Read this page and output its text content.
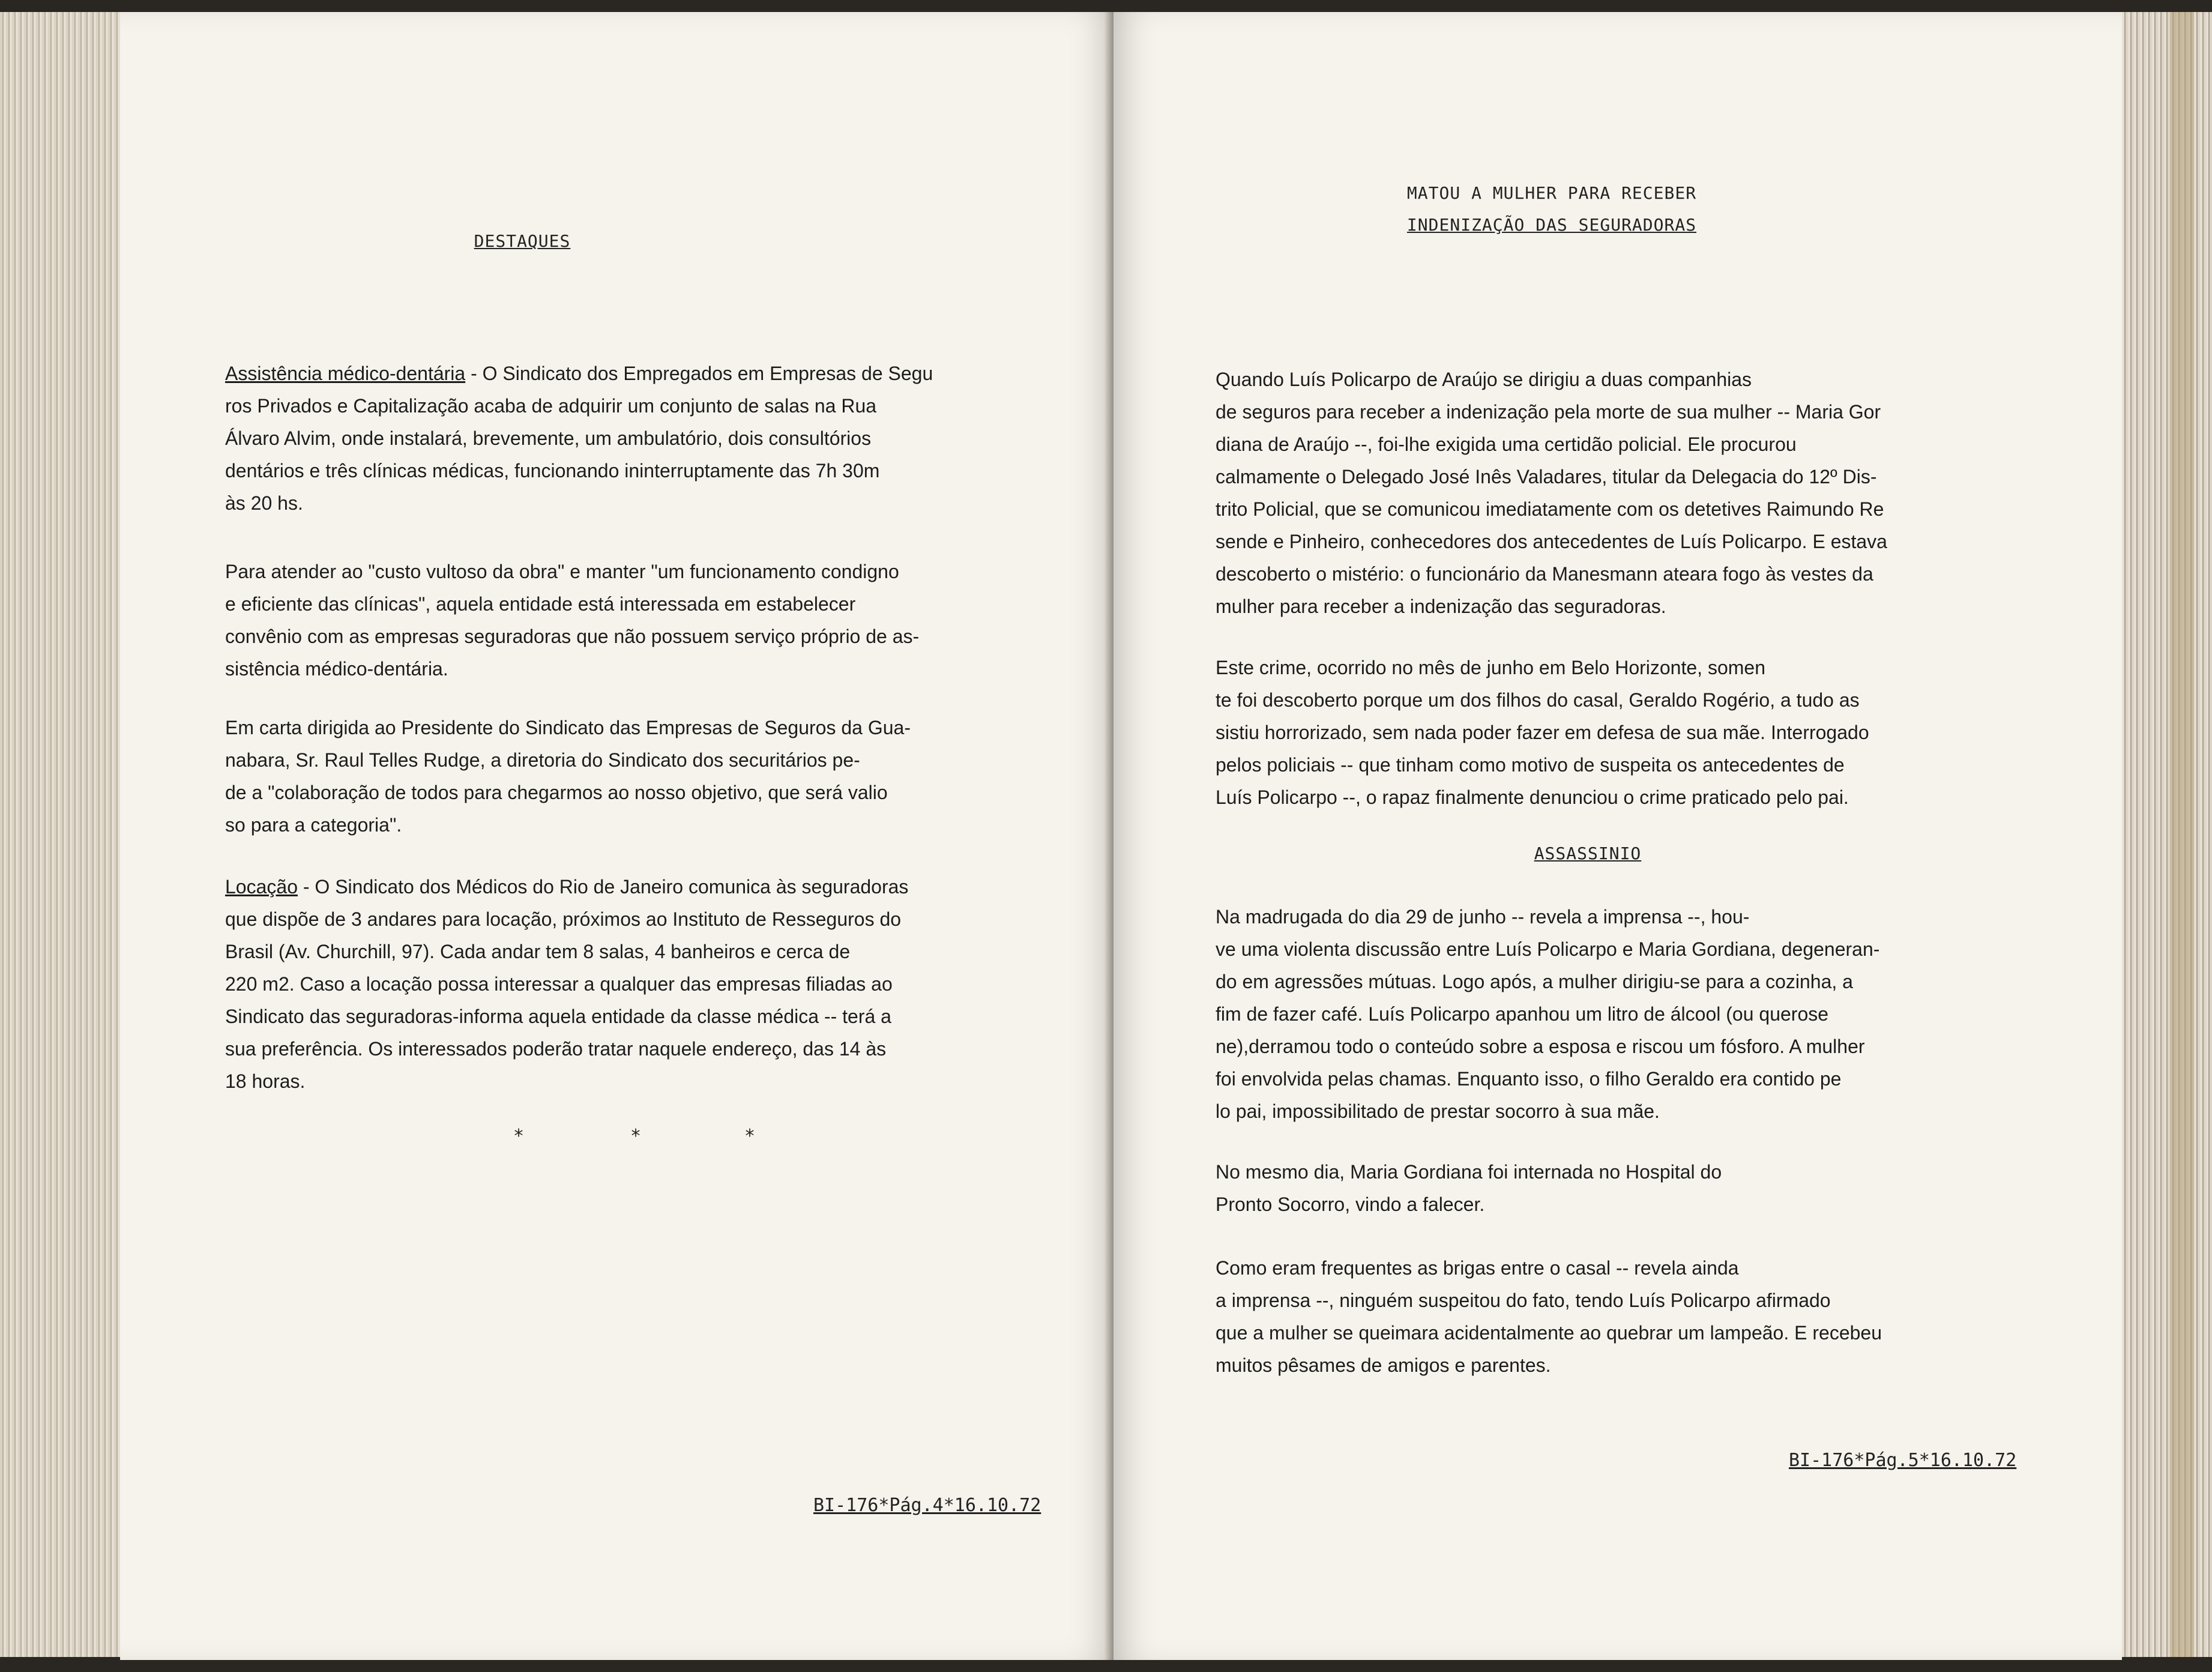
DESTAQUES
Assistência médico-dentária - O Sindicato dos Empregados em Empresas de Segu
ros Privados e Capitalização acaba de adquirir um conjunto de salas na Rua
Álvaro Alvim, onde instalará, brevemente, um ambulatório, dois consultórios
dentários e três clínicas médicas, funcionando ininterruptamente das 7h 30m
às 20 hs.
Para atender ao "custo vultoso da obra" e manter "um funcionamento condigno
e eficiente das clínicas", aquela entidade está interessada em estabelecer
convênio com as empresas seguradoras que não possuem serviço próprio de as-
sistência médico-dentária.
Em carta dirigida ao Presidente do Sindicato das Empresas de Seguros da Gua-
nabara, Sr. Raul Telles Rudge, a diretoria do Sindicato dos securitários pe-
de a "colaboração de todos para chegarmos ao nosso objetivo, que será valio
so para a categoria".
Locação - O Sindicato dos Médicos do Rio de Janeiro comunica às seguradoras
que dispõe de 3 andares para locação, próximos ao Instituto de Resseguros do
Brasil (Av. Churchill, 97). Cada andar tem 8 salas, 4 banheiros e cerca de
220 m2. Caso a locação possa interessar a qualquer das empresas filiadas ao
Sindicato das seguradoras-informa aquela entidade da classe médica -- terá a
sua preferência. Os interessados poderão tratar naquele endereço, das 14 às
18 horas.
*	*	*
BI-176*Pág.4*16.10.72
MATOU A MULHER PARA RECEBER
INDENIZAÇÃO DAS SEGURADORAS
Quando Luís Policarpo de Araújo se dirigiu a duas companhias
de seguros para receber a indenização pela morte de sua mulher -- Maria Gor
diana de Araújo --, foi-lhe exigida uma certidão policial. Ele procurou
calmamente o Delegado José Inês Valadares, titular da Delegacia do 12º Dis-
trito Policial, que se comunicou imediatamente com os detetives Raimundo Re
sende e Pinheiro, conhecedores dos antecedentes de Luís Policarpo. E estava
descoberto o mistério: o funcionário da Manesmann ateara fogo às vestes da
mulher para receber a indenização das seguradoras.
Este crime, ocorrido no mês de junho em Belo Horizonte, somen
te foi descoberto porque um dos filhos do casal, Geraldo Rogério, a tudo as
sistiu horrorizado, sem nada poder fazer em defesa de sua mãe. Interrogado
pelos policiais -- que tinham como motivo de suspeita os antecedentes de
Luís Policarpo --, o rapaz finalmente denunciou o crime praticado pelo pai.
ASSASSINIO
Na madrugada do dia 29 de junho -- revela a imprensa --, hou-
ve uma violenta discussão entre Luís Policarpo e Maria Gordiana, degeneran-
do em agressões mútuas. Logo após, a mulher dirigiu-se para a cozinha, a
fim de fazer café. Luís Policarpo apanhou um litro de álcool (ou querose
ne),derramou todo o conteúdo sobre a esposa e riscou um fósforo. A mulher
foi envolvida pelas chamas. Enquanto isso, o filho Geraldo era contido pe
lo pai, impossibilitado de prestar socorro à sua mãe.
No mesmo dia, Maria Gordiana foi internada no Hospital do
Pronto Socorro, vindo a falecer.
Como eram frequentes as brigas entre o casal -- revela ainda
a imprensa --, ninguém suspeitou do fato, tendo Luís Policarpo afirmado
que a mulher se queimara acidentalmente ao quebrar um lampeão. E recebeu
muitos pêsames de amigos e parentes.
BI-176*Pág.5*16.10.72
